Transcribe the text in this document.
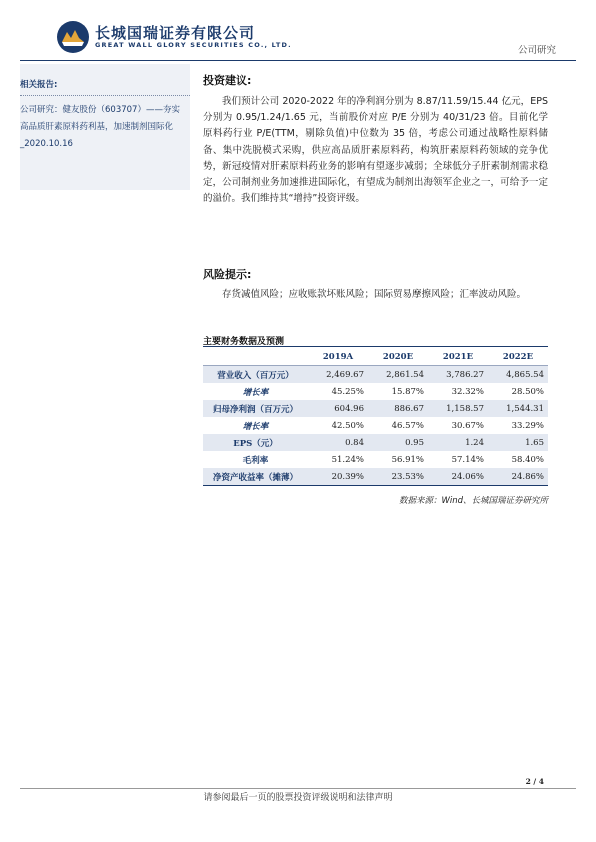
长城国瑞证券有限公司
GREAT WALL GLORY SECURITIES CO., LTD.	公司研究
相关报告:
公司研究：健友股份（603707）——夯实高品质肝素原料药利基，加速制剂国际化_2020.10.16
投资建议:
我们预计公司 2020-2022 年的净利润分别为 8.87/11.59/15.44 亿元，EPS 分别为 0.95/1.24/1.65 元，当前股价对应 P/E 分别为 40/31/23 倍。目前化学原料药行业 P/E(TTM，剔除负值)中位数为 35 倍，考虑公司通过战略性原料储备、集中洗脱模式采购，供应高品质肝素原料药，构筑肝素原料药领域的竞争优势，新冠疫情对肝素原料药业务的影响有望逐步减弱；全球低分子肝素制剂需求稳定，公司制剂业务加速推进国际化，有望成为制剂出海领军企业之一，可给予一定的溢价。我们维持其“增持”投资评级。
风险提示:
存货减值风险；应收账款坏账风险；国际贸易摩擦风险；汇率波动风险。
主要财务数据及预测
	2019A	2020E	2021E	2022E
营业收入（百万元）	2,469.67	2,861.54	3,786.27	4,865.54
增长率	45.25%	15.87%	32.32%	28.50%
归母净利润（百万元）	604.96	886.67	1,158.57	1,544.31
增长率	42.50%	46.57%	30.67%	33.29%
EPS（元）	0.84	0.95	1.24	1.65
毛利率	51.24%	56.91%	57.14%	58.40%
净资产收益率（摊薄）	20.39%	23.53%	24.06%	24.86%
数据来源：Wind、长城国瑞证券研究所
2 / 4
请参阅最后一页的股票投资评级说明和法律声明
